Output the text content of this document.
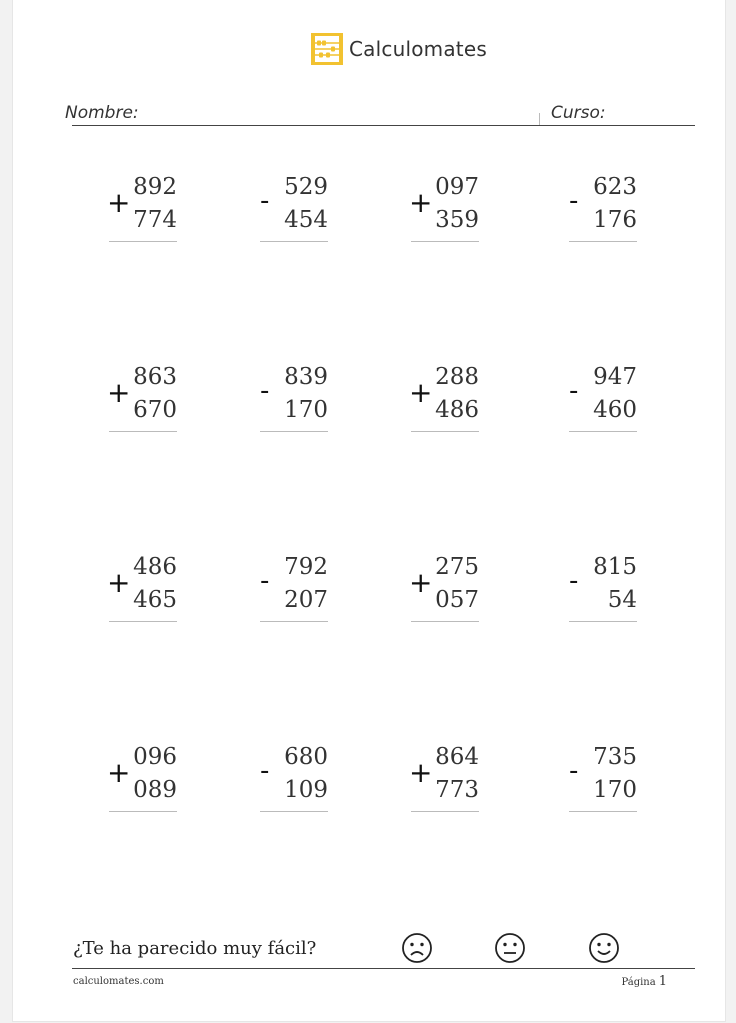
Calculomates
Nombre:	Curso:
+ 892
774
- 529
454
+ 097
359
- 623
176
+ 863
670
- 839
170
+ 288
486
- 947
460
+ 486
465
- 792
207
+ 275
057
- 815
54
+ 096
089
- 680
109
+ 864
773
- 735
170
¿Te ha parecido muy fácil?
calculomates.com	Página 1
